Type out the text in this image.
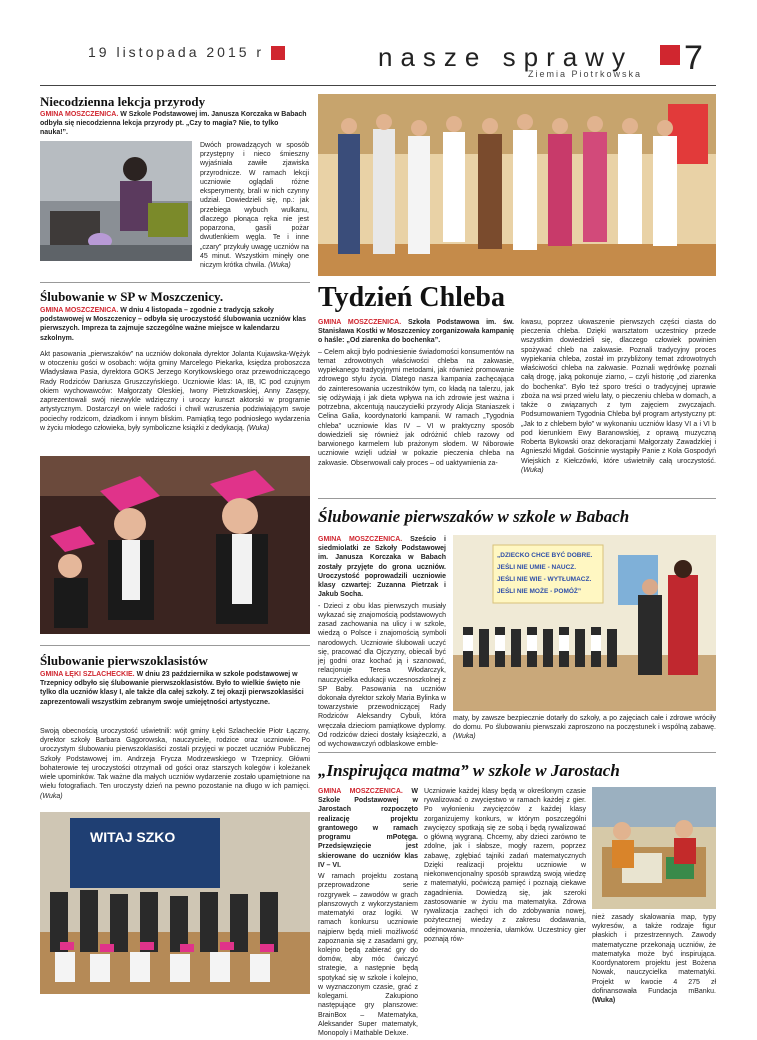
19 listopada 2015 r	nasze sprawy
Ziemia Piotrkowska 7
Niecodzienna lekcja przyrody
GMINA MOSZCZENICA. W Szkole Podstawowej im. Janusza Korczaka w Babach odbyła się niecodzienna lekcja przyrody pt. „Czy to magia? Nie, to tylko nauka!”.
Dwóch prowadzących w sposób przystępny i nieco śmieszny wyjaśniała zawiłe zjawiska przyrodnicze. W ramach lekcji uczniowie oglądali różne eksperymenty, brali w nich czynny udział. Dowiedzieli się, np.: jak przebiega wybuch wulkanu, dlaczego płonąca ręka nie jest poparzona, gasili pożar dwutlenkiem węgla. Te i inne „czary” przykuły uwagę uczniów na 45 minut. Wszystkim minęły one niczym krótka chwila. (Wuka)
Ślubowanie w SP w Moszczenicy.
GMINA MOSZCZENICA. W dniu 4 listopada – zgodnie z tradycją szkoły podstawowej w Moszczenicy – odbyła się uroczystość ślubowania uczniów klas pierwszych. Impreza ta zajmuje szczególne ważne miejsce w kalendarzu szkolnym.
Akt pasowania „pierwszaków” na uczniów dokonała dyrektor Jolanta Kujawska-Wężyk w otoczeniu gości w osobach: wójta gminy Marcelego Piekarka, księdza proboszcza Władysława Pasia, dyrektora GOKS Jerzego Korytkowskiego oraz przewodniczącego Rady Rodziców Dariusza Gruszczyńskiego. Uczniowie klas: IA, IB, IC pod czujnym okiem wychowawców: Małgorzaty Oleskiej, Iwony Pietrzkowskiej, Anny Zasępy, zaprezentowali swój niezwykle wdzięczny i uroczy kunszt aktorski w programie artystycznym. Dostarczył on wiele radości i chwil wzruszenia podziwiającym swoje pociechy rodzicom, dziadkom i innym bliskim. Pamiątką tego podniosłego wydarzenia w życiu młodego człowieka, były symboliczne książki z dedykacją. (Wuka)
Ślubowanie pierwszoklasistów
GMINA ŁĘKI SZLACHECKIE. W dniu 23 października w szkole podstawowej w Trzepnicy odbyło się ślubowanie pierwszoklasistów. Było to wielkie święto nie tylko dla uczniów klasy I, ale także dla całej szkoły. Z tej okazji pierwszoklasiści zaprezentowali wszystkim zebranym swoje umiejętności artystyczne.
Swoją obecnością uroczystość uświetnili: wójt gminy Łęki Szlacheckie Piotr Łączny, dyrektor szkoły Barbara Gągorowska, nauczyciele, rodzice oraz uczniowie. Po uroczystym ślubowaniu pierwszoklasiści zostali przyjęci w poczet uczniów Publicznej Szkoły Podstawowej im. Andrzeja Frycza Modrzewskiego w Trzepnicy. Główni bohaterowie tej uroczystości otrzymali od gości oraz starszych kolegów i koleżanek wiele upominków. Tak ważne dla małych uczniów wydarzenie zostało upamiętnione na wielu fotografiach. Ten uroczysty dzień na pewno pozostanie na długo w ich pamięci. (Wuka)
WITAJ SZKO
Tydzień Chleba

GMINA MOSZCZENICA. Szkoła Podstawowa im. św. Stanisława Kostki w Moszczenicy zorganizowała kampanię o haśle: „Od ziarenka do bochenka”.

– Celem akcji było podniesienie świadomości konsumentów na temat zdrowotnych właściwości chleba na zakwasie, wypiekanego tradycyjnymi metodami, jak również promowanie zdrowego stylu życia. Dlatego nasza kampania zachęcająca do zainteresowania uczestników tym, co kładą na talerzu, jak się odżywiają i jak dieta wpływa na ich zdrowie jest ważna i potrzebna, akcentują nauczycielki przyrody Alicja Staniaszek i Celina Galia, koordynatorki kampanii. W ramach „Tygodnia chleba” uczniowie klas IV – VI w praktyczny sposób dowiedzieli się również jak odróżnić chleb razowy od barwionego karmelem lub prażonym słodem. W Niborowie uczniowie wzięli udział w pokazie pieczenia chleba na zakwasie. Obserwowali cały proces – od uaktywnienia za-

kwasu, poprzez ukwaszenie pierwszych części ciasta do pieczenia chleba. Dzięki warsztatom uczestnicy przede wszystkim dowiedzieli się, dlaczego człowiek powinien spożywać chleb na zakwasie. Poznali tradycyjny proces wypiekania chleba, został im przybliżony temat zdrowotnych właściwości chleba na zakwasie. Poznali wędrówkę poznali całą drogę, jaką pokonuje ziarno, – czyli historię „od ziarenka do bochenka”. Było też sporo treści o tradycyjnej uprawie zboża na wsi przed wielu laty, o pieczeniu chleba w domach, a także o związanych z tym zajęciem zwyczajach. Podsumowaniem Tygodnia Chleba był program artystyczny pt: „Jak to z chlebem było” w wykonaniu uczniów klasy VI a i VI b pod kierunkiem Ewy Baranowskiej, z oprawą muzyczną Roberta Bykowski oraz dekoracjami Małgorzaty Zawadzkiej i Agnieszki Migdał. Gościnnie wystąpiły Panie z Koła Gospodyń Wiejskich z Kiełczówki, które uświetniły całą uroczystość. (Wuka)
Ślubowanie pierwszaków w szkole w Babach

GMINA MOSZCZENICA. Sześcio i siedmiolatki ze Szkoły Podstawowej im. Janusza Korczaka w Babach zostały przyjęte do grona uczniów. Uroczystość poprowadzili uczniowie klasy czwartej: Zuzanna Pietrzak i Jakub Socha.

- Dzieci z obu klas pierwszych musiały wykazać się znajomością podstawowych zasad zachowania na ulicy i w szkole, wiedzą o Polsce i znajomością symboli narodowych. Uczniowie ślubowali uczyć się, pracować dla Ojczyzny, obiecali być jej godni oraz kochać ją i szanować, relacjonuje Teresa Włodarczyk, nauczycielka edukacji wczesnoszkolnej z SP Baby. Pasowania na uczniów dokonała dyrektor szkoły Maria Bylinka w towarzystwie przewodniczącej Rady Rodziców Aleksandry Cybuli, która wręczała dzieciom pamiątkowe dyplomy. Od rodziców dzieci dostały książeczki, a od wychowawczyń odblaskowe emble-

„DZIECKO CHCE BYĆ DOBRE.
JEŚLI NIE UMIE - NAUCZ.
JEŚLI NIE WIE - WYTŁUMACZ.
JEŚLI NIE MOŻE - POMÓŻ”
maty, by zawsze bezpiecznie dotarły do szkoły, a po zajęciach całe i zdrowe wróciły do domu. Po ślubowaniu pierwszaki zaproszono na poczęstunek i wspólną zabawę. (Wuka)
„Inspirująca matma” w szkole w Jarostach

GMINA MOSZCZENICA. W Szkole Podstawowej w Jarostach rozpoczęto realizację projektu grantowego w ramach programu mPotęga. Przedsięwzięcie jest skierowane do uczniów klas IV – VI.

W ramach projektu zostaną przeprowadzone serie rozgrywek – zawodów w grach planszowych z wykorzystaniem matematyki oraz logiki. W ramach konkursu uczniowie najpierw będą mieli możliwość zapoznania się z zasadami gry, kolejno będą zabierać gry do domów, aby móc ćwiczyć strategie, a następnie będą spotykać się w szkole i kolejno, w wyznaczonym czasie, grać z kolegami. Zakupiono następujące gry planszowe: BrainBox – Matematyka, Aleksander Super matematyk, Monopoly i Mathable Deluxe.

Uczniowie każdej klasy będą w określonym czasie rywalizować o zwycięstwo w ramach każdej z gier. Po wyłonieniu zwycięzców z każdej klasy zorganizujemy konkurs, w którym poszczególni zwycięzcy spotkają się ze sobą i będą rywalizować o główną wygraną. Chcemy, aby dzieci zarówno te zdolne, jak i słabsze, mogły razem, poprzez zabawę, zgłębiać tajniki zadań matematycznych Dzięki realizacji projektu uczniowie w niekonwencjonalny sposób sprawdzą swoją wiedzę z matematyki, poćwiczą pamięć i poznają ciekawe zagadnienia. Dowiedzą się, jak szeroki zastosowanie w życiu ma matematyka. Zdrowa rywalizacja zachęci ich do zdobywania nowej, pożytecznej wiedzy z zakresu dodawania, odejmowania, mnożenia, ułamków. Uczestnicy gier poznają rów-
nież zasady skalowania map, typy wykresów, a także rodzaje figur płaskich i przestrzennych. Zawody matematyczne przekonają uczniów, że matematyka może być inspirująca. Koordynatorem projektu jest Bożena Nowak, nauczycielka matematyki. Projekt w kwocie 4 275 zł dofinansowała Fundacja mBanku. (Wuka)
